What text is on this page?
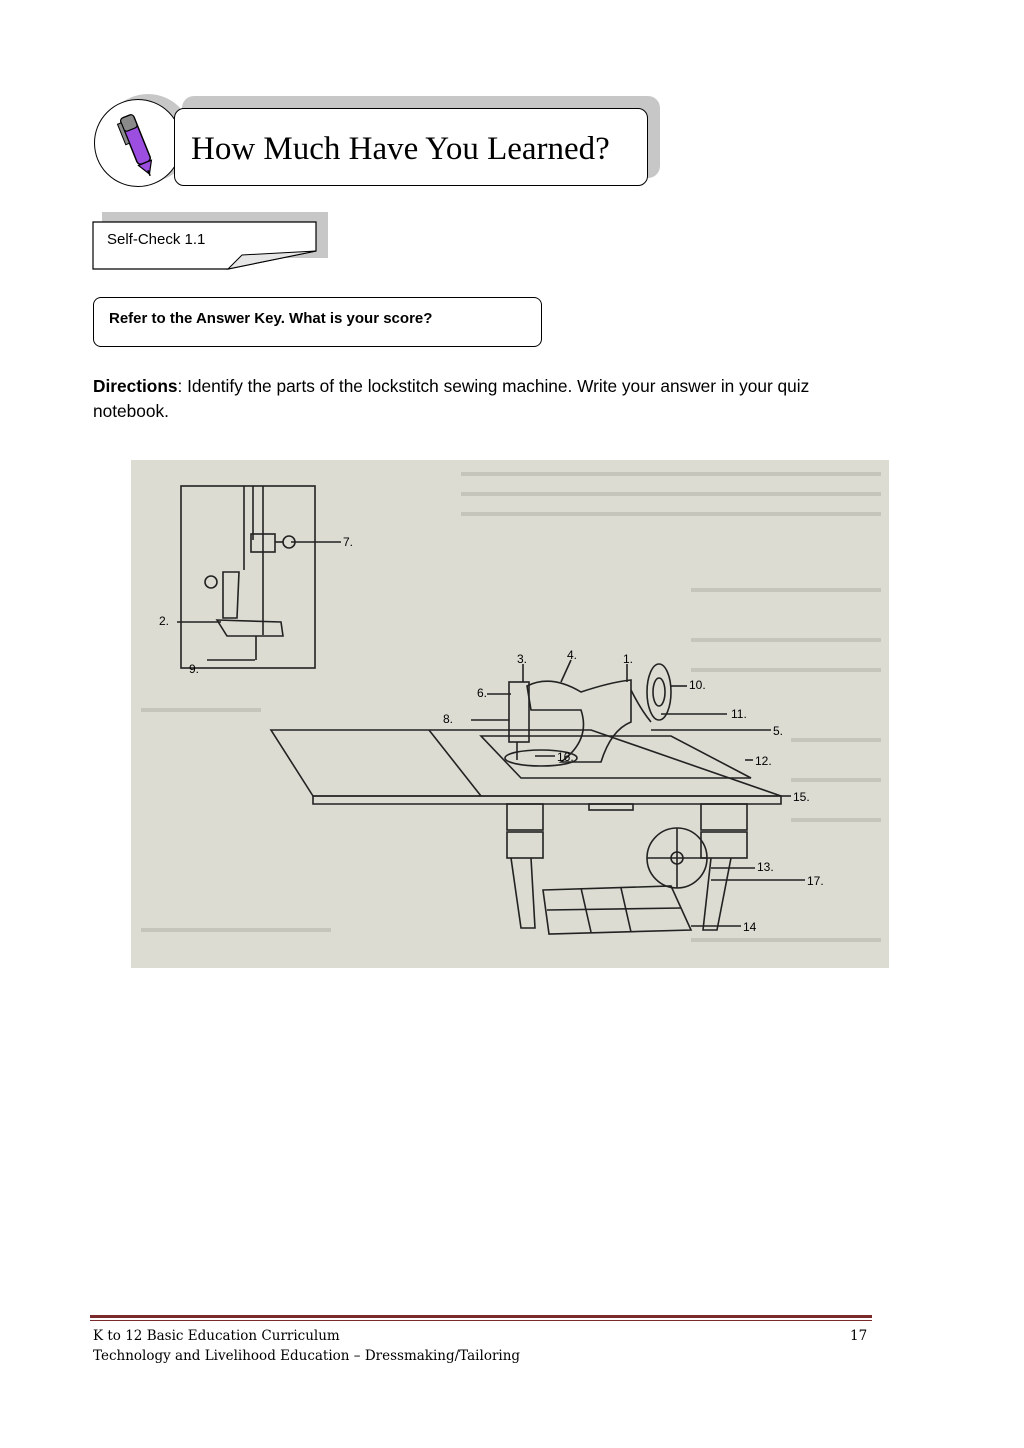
How Much Have You Learned?
Self-Check 1.1
Refer to the Answer Key. What is your score?
Directions: Identify the parts of the lockstitch sewing machine. Write your answer in your quiz notebook.
1.
2.
3.	4.
5.
6.
7.
8.
9.
10.
11.
12.
13.
14
15.
16.
17.
K to 12 Basic Education Curriculum
Technology and Livelihood Education – Dressmaking/Tailoring
17
